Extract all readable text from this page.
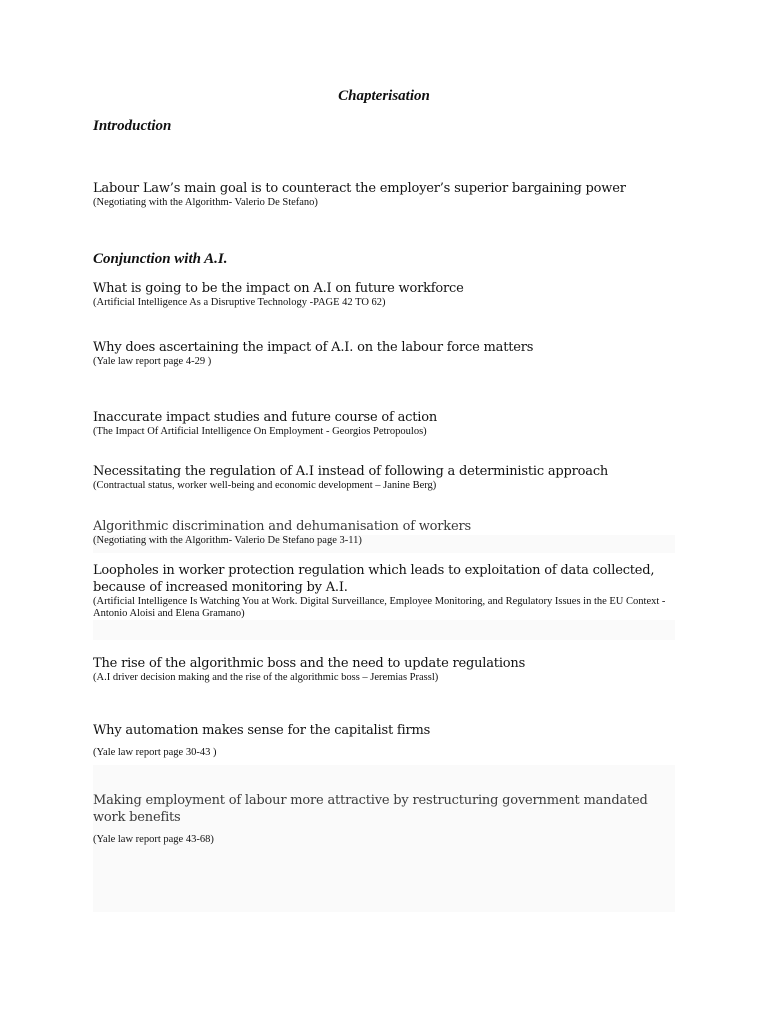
Chapterisation
Introduction
Labour Law’s main goal is to counteract the employer’s superior bargaining power
(Negotiating with the Algorithm- Valerio De Stefano)
Conjunction with A.I.
What is going to be the impact on A.I on future workforce
(Artificial Intelligence As a Disruptive Technology -PAGE 42 TO 62)
Why does ascertaining the impact of A.I. on the labour force matters
(Yale law report page 4-29 )
Inaccurate impact studies and future course of action
(The Impact Of Artificial Intelligence On Employment - Georgios Petropoulos)
Necessitating the regulation of A.I instead of following a deterministic approach
(Contractual status, worker well-being and economic development – Janine Berg)
Algorithmic discrimination and dehumanisation of workers
(Negotiating with the Algorithm- Valerio De Stefano page 3-11)
Loopholes in worker protection regulation which leads to exploitation of data collected, because of increased monitoring by A.I.
(Artificial Intelligence Is Watching You at Work. Digital Surveillance, Employee Monitoring, and Regulatory Issues in the EU Context - Antonio Aloisi and Elena Gramano)
The rise of the algorithmic boss and the need to update regulations
(A.I driver decision making and the rise of the algorithmic boss – Jeremias Prassl)
Why automation makes sense for the capitalist firms
(Yale law report page 30-43 )
Making employment of labour more attractive by restructuring government mandated work benefits
(Yale law report page 43-68)
